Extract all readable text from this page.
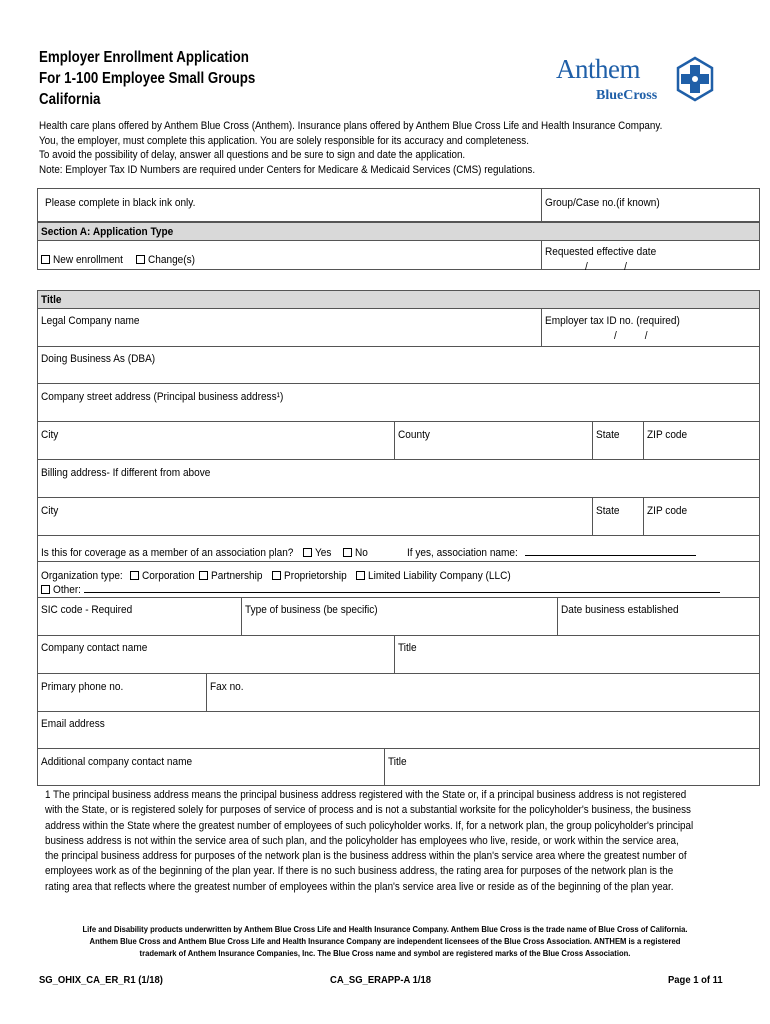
Employer Enrollment Application
For 1-100 Employee Small Groups
California
Anthem
BlueCross
Health care plans offered by Anthem Blue Cross (Anthem). Insurance plans offered by Anthem Blue Cross Life and Health Insurance Company.
You, the employer, must complete this application. You are solely responsible for its accuracy and completeness.
To avoid the possibility of delay, answer all questions and be sure to sign and date the application.
Note: Employer Tax ID Numbers are required under Centers for Medicare & Medicaid Services (CMS) regulations.
Please complete in black ink only.	Group/Case no.(if known)
Section A: Application Type
New enrollment	Change(s)
Requested effective date
/             /
Title
Legal Company name	Employer tax ID no. (required)
/          /
Doing Business As (DBA)
Company street address (Principal business address¹)
City	County	State ZIP code
Billing address- If different from above
City	State ZIP code
Is this for coverage as a member of an association plan?	Yes	No	If yes, association name:
Organization type:	Corporation	Partnership	Proprietorship	Limited Liability Company (LLC)
Other:
SIC code - Required	Type of business (be specific)	Date business established
Company contact name	Title
Primary phone no.	Fax no.
Email address
Additional company contact name	Title
1 The principal business address means the principal business address registered with the State or, if a principal business address is not registered
with the State, or is registered solely for purposes of service of process and is not a substantial worksite for the policyholder's business, the business
address within the State where the greatest number of employees of such policyholder works. If, for a network plan, the group policyholder's principal
business address is not within the service area of such plan, and the policyholder has employees who live, reside, or work within the service area,
the principal business address for purposes of the network plan is the business address within the plan's service area where the greatest number of
employees work as of the beginning of the plan year. If there is no such business address, the rating area for purposes of the network plan is the
rating area that reflects where the greatest number of employees within the plan's service area live or reside as of the beginning of the plan year.
Life and Disability products underwritten by Anthem Blue Cross Life and Health Insurance Company. Anthem Blue Cross is the trade name of Blue Cross of California.
Anthem Blue Cross and Anthem Blue Cross Life and Health Insurance Company are independent licensees of the Blue Cross Association. ANTHEM is a registered
trademark of Anthem Insurance Companies, Inc. The Blue Cross name and symbol are registered marks of the Blue Cross Association.
SG_OHIX_CA_ER_R1 (1/18)	CA_SG_ERAPP-A 1/18	Page 1 of 11
